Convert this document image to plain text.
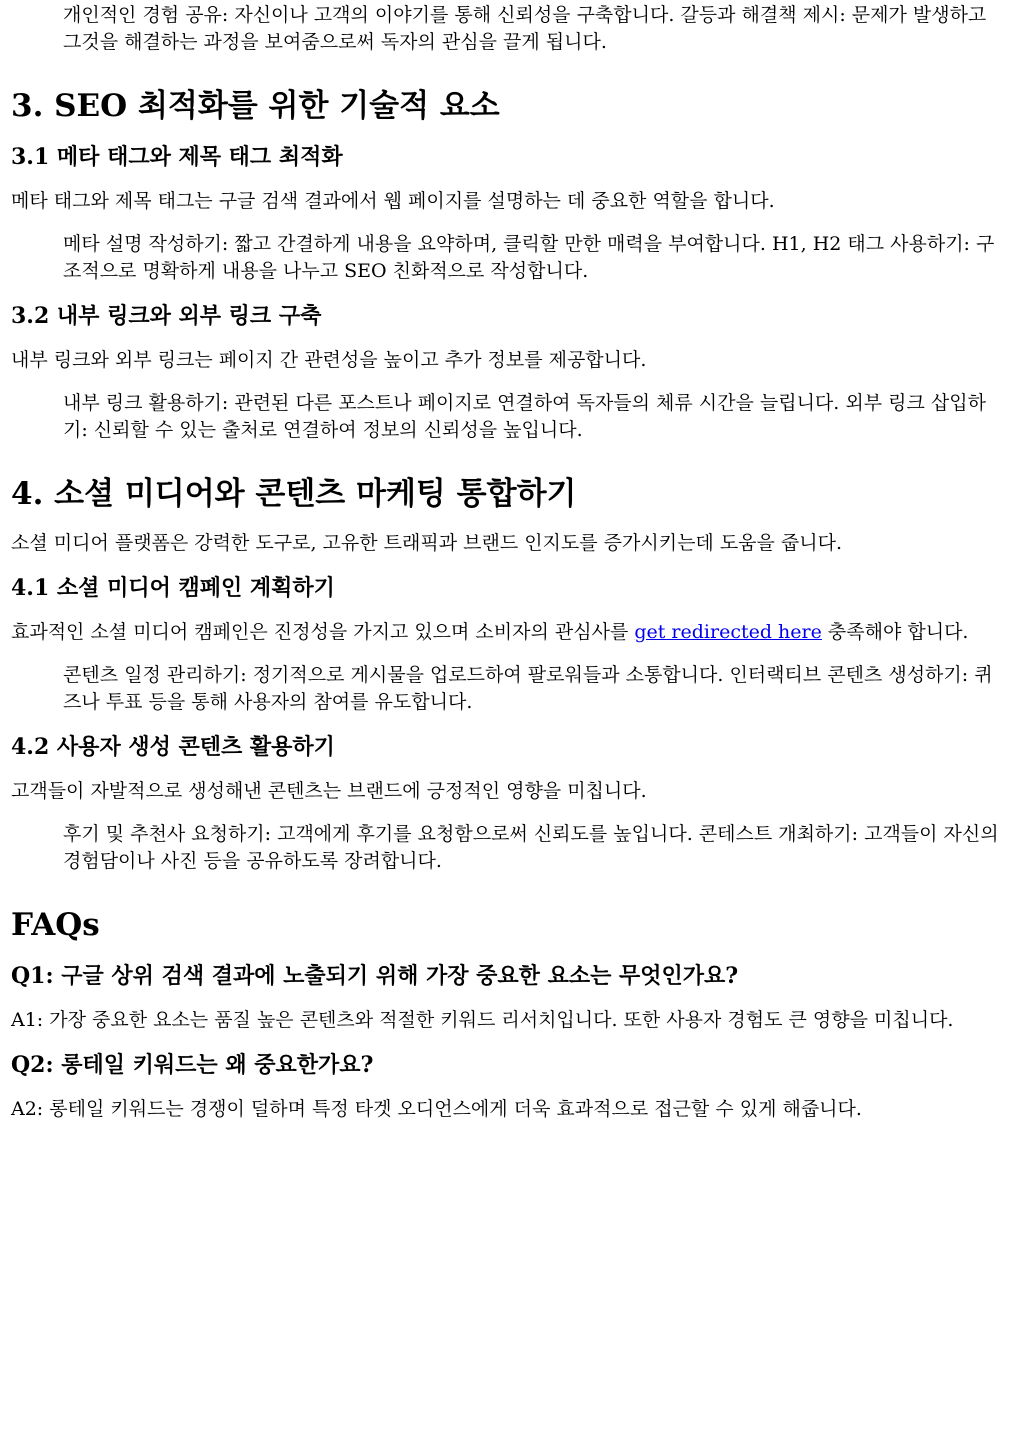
개인적인 경험 공유: 자신이나 고객의 이야기를 통해 신뢰성을 구축합니다. 갈등과 해결책 제시: 문제가 발생하고 그것을 해결하는 과정을 보여줌으로써 독자의 관심을 끌게 됩니다.
3. SEO 최적화를 위한 기술적 요소
3.1 메타 태그와 제목 태그 최적화

메타 태그와 제목 태그는 구글 검색 결과에서 웹 페이지를 설명하는 데 중요한 역할을 합니다.

메타 설명 작성하기: 짧고 간결하게 내용을 요약하며, 클릭할 만한 매력을 부여합니다. H1, H2 태그 사용하기: 구조적으로 명확하게 내용을 나누고 SEO 친화적으로 작성합니다.
3.2 내부 링크와 외부 링크 구축

내부 링크와 외부 링크는 페이지 간 관련성을 높이고 추가 정보를 제공합니다.

내부 링크 활용하기: 관련된 다른 포스트나 페이지로 연결하여 독자들의 체류 시간을 늘립니다. 외부 링크 삽입하기: 신뢰할 수 있는 출처로 연결하여 정보의 신뢰성을 높입니다.
4. 소셜 미디어와 콘텐츠 마케팅 통합하기

소셜 미디어 플랫폼은 강력한 도구로, 고유한 트래픽과 브랜드 인지도를 증가시키는데 도움을 줍니다.

4.1 소셜 미디어 캠페인 계획하기

효과적인 소셜 미디어 캠페인은 진정성을 가지고 있으며 소비자의 관심사를 get redirected here 충족해야 합니다.

콘텐츠 일정 관리하기: 정기적으로 게시물을 업로드하여 팔로워들과 소통합니다. 인터랙티브 콘텐츠 생성하기: 퀴즈나 투표 등을 통해 사용자의 참여를 유도합니다.
4.2 사용자 생성 콘텐츠 활용하기

고객들이 자발적으로 생성해낸 콘텐츠는 브랜드에 긍정적인 영향을 미칩니다.

후기 및 추천사 요청하기: 고객에게 후기를 요청함으로써 신뢰도를 높입니다. 콘테스트 개최하기: 고객들이 자신의 경험담이나 사진 등을 공유하도록 장려합니다.
FAQs
Q1: 구글 상위 검색 결과에 노출되기 위해 가장 중요한 요소는 무엇인가요?

A1: 가장 중요한 요소는 품질 높은 콘텐츠와 적절한 키워드 리서치입니다. 또한 사용자 경험도 큰 영향을 미칩니다.

Q2: 롱테일 키워드는 왜 중요한가요?

A2: 롱테일 키워드는 경쟁이 덜하며 특정 타겟 오디언스에게 더욱 효과적으로 접근할 수 있게 해줍니다.
